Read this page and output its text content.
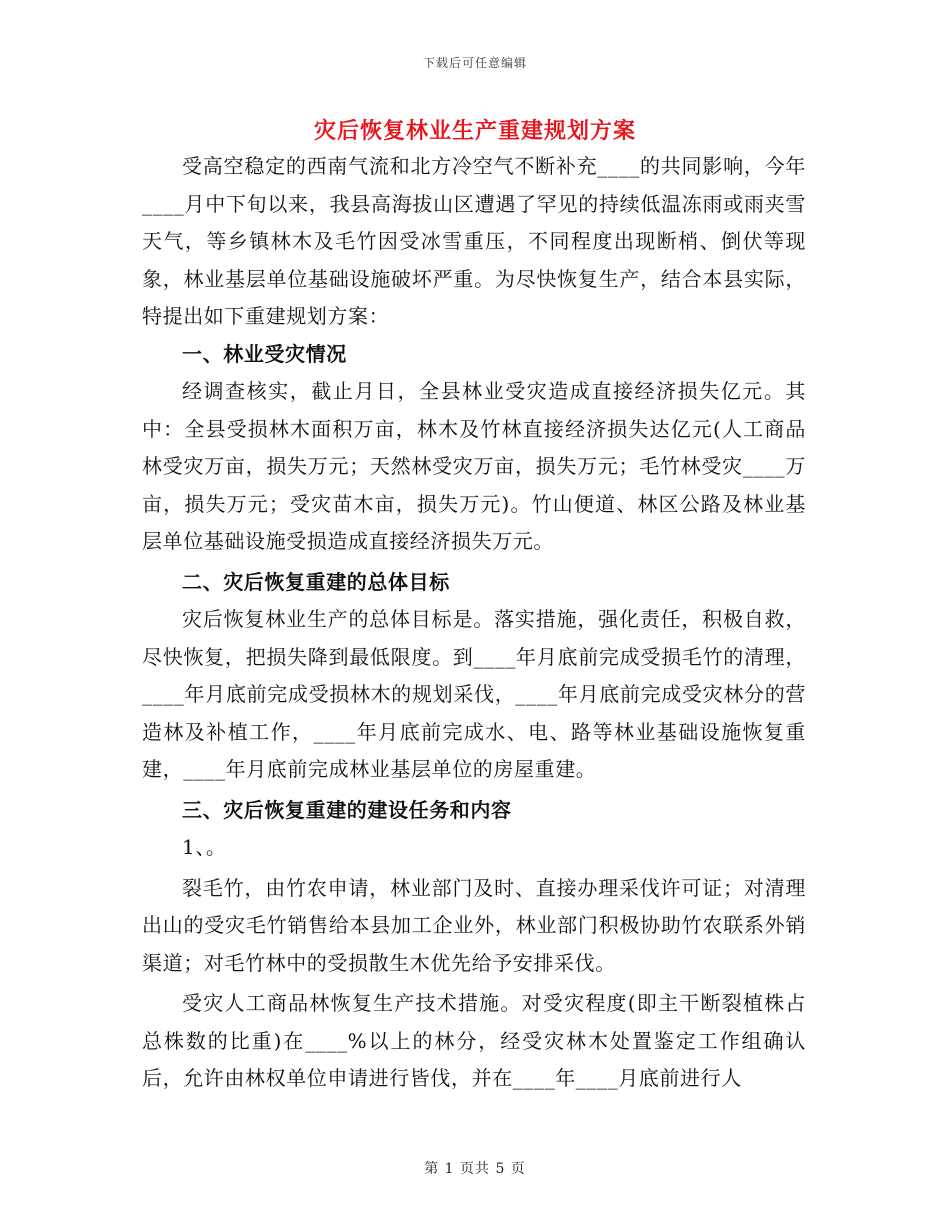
下载后可任意编辑
灾后恢复林业生产重建规划方案

受高空稳定的西南气流和北方冷空气不断补充____的共同影响，今年____月中下旬以来，我县高海拔山区遭遇了罕见的持续低温冻雨或雨夹雪天气，等乡镇林木及毛竹因受冰雪重压，不同程度出现断梢、倒伏等现象，林业基层单位基础设施破坏严重。为尽快恢复生产，结合本县实际，特提出如下重建规划方案：

一、林业受灾情况

经调查核实，截止月日，全县林业受灾造成直接经济损失亿元。其中：全县受损林木面积万亩，林木及竹林直接经济损失达亿元(人工商品林受灾万亩，损失万元；天然林受灾万亩，损失万元；毛竹林受灾____万亩，损失万元；受灾苗木亩，损失万元)。竹山便道、林区公路及林业基层单位基础设施受损造成直接经济损失万元。

二、灾后恢复重建的总体目标

灾后恢复林业生产的总体目标是。落实措施，强化责任，积极自救，尽快恢复，把损失降到最低限度。到____年月底前完成受损毛竹的清理，____年月底前完成受损林木的规划采伐，____年月底前完成受灾林分的营造林及补植工作，____年月底前完成水、电、路等林业基础设施恢复重建，____年月底前完成林业基层单位的房屋重建。

三、灾后恢复重建的建设任务和内容

1、。

裂毛竹，由竹农申请，林业部门及时、直接办理采伐许可证；对清理出山的受灾毛竹销售给本县加工企业外，林业部门积极协助竹农联系外销渠道；对毛竹林中的受损散生木优先给予安排采伐。

受灾人工商品林恢复生产技术措施。对受灾程度(即主干断裂植株占总株数的比重)在____%以上的林分，经受灾林木处置鉴定工作组确认后，允许由林权单位申请进行皆伐，并在____年____月底前进行人

第 1 页共 5 页
